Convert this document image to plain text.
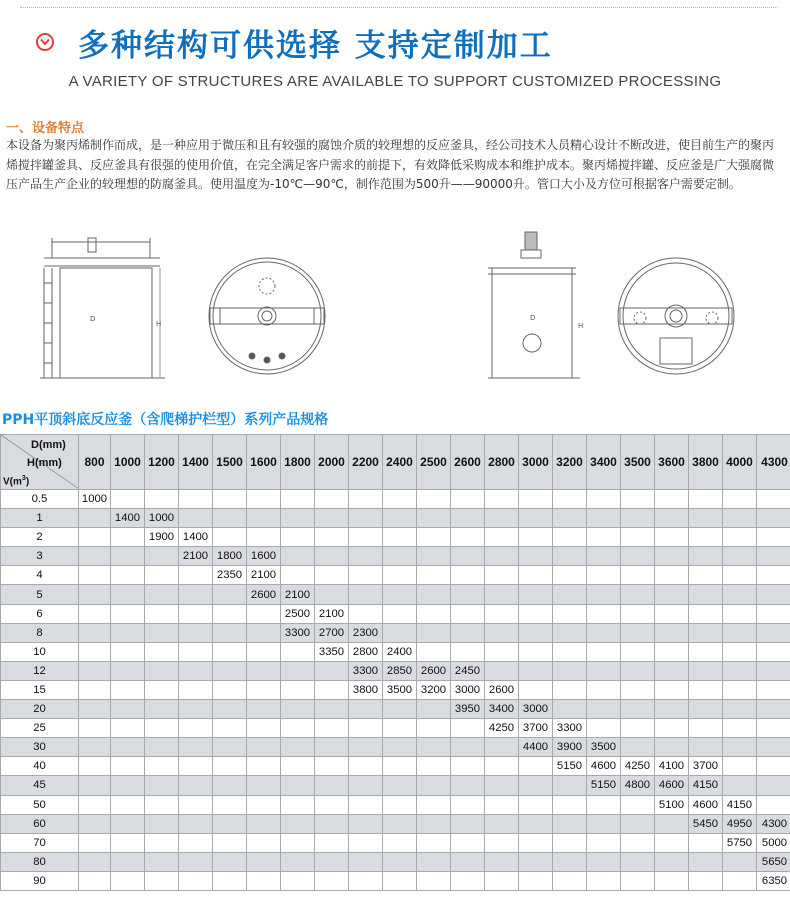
多种结构可供选择 支持定制加工
A VARIETY OF STRUCTURES ARE AVAILABLE TO SUPPORT CUSTOMIZED PROCESSING
一、设备特点
本设备为聚丙烯制作而成，是一种应用于微压和且有较强的腐蚀介质的较理想的反应釜具，经公司技术人员精心设计不断改进，使目前生产的聚丙烯搅拌罐釜具、反应釜具有很强的使用价值，在完全满足客户需求的前提下，有效降低采购成本和维护成本。聚丙烯搅拌罐、反应釜是广大强腐微压产品生产企业的较理想的防腐釜具。使用温度为-10℃—90℃，制作范围为500升——90000升。管口大小及方位可根据客户需要定制。
D
H
D
H
PPH平顶斜底反应釜（含爬梯护栏型）系列产品规格
D(mm)
H(mm)
$V(m^3)$	800	1000	1200	1400	1500	1600	1800	2000	2200	2400	2500	2600	2800	3000	3200	3400	3500	3600	3800	4000	4300
0.5	1000																				
1		1400	1000																		
2			1900	1400																	
3				2100	1800	1600															
4					2350	2100															
5						2600	2100														
6							2500	2100													
8							3300	2700	2300												
10								3350	2800	2400											
12									3300	2850	2600	2450									
15									3800	3500	3200	3000	2600								
20												3950	3400	3000							
25													4250	3700	3300						
30														4400	3900	3500					
40															5150	4600	4250	4100	3700		
45																5150	4800	4600	4150		
50																		5100	4600	4150	
60																			5450	4950	4300
70																				5750	5000
80																					5650
90																					6350
